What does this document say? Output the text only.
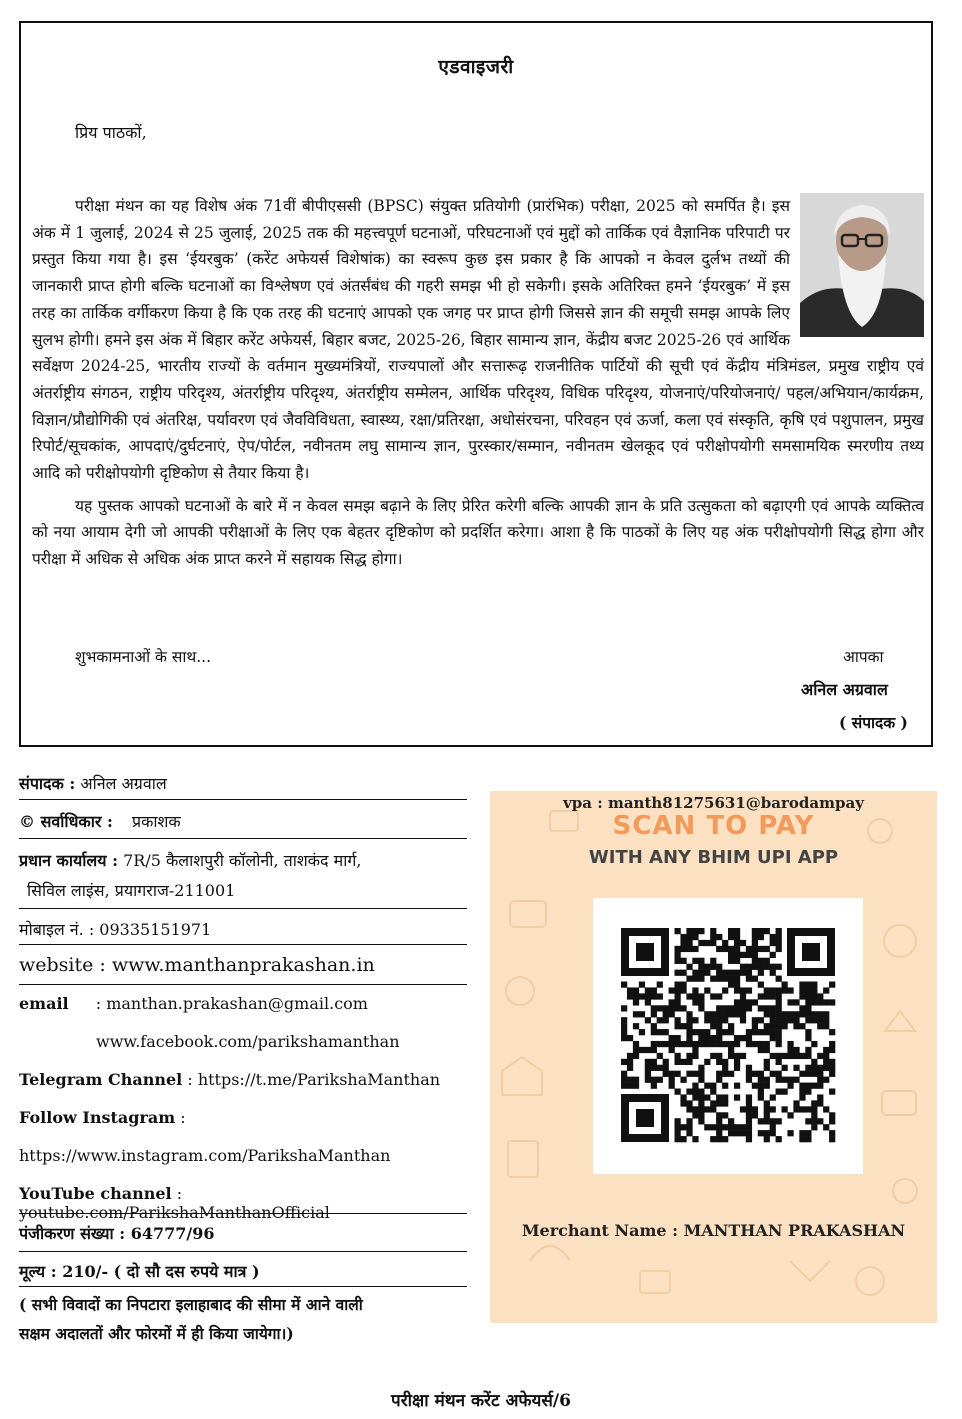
एडवाइजरी
प्रिय पाठकों,

परीक्षा मंथन का यह विशेष अंक 71वीं बीपीएससी (BPSC) संयुक्त प्रतियोगी (प्रारंभिक) परीक्षा, 2025 को समर्पित है। इस अंक में 1 जुलाई, 2024 से 25 जुलाई, 2025 तक की महत्त्वपूर्ण घटनाओं, परिघटनाओं एवं मुद्दों को तार्किक एवं वैज्ञानिक परिपाटी पर प्रस्तुत किया गया है। इस ‘ईयरबुक’ (करेंट अफेयर्स विशेषांक) का स्वरूप कुछ इस प्रकार है कि आपको न केवल दुर्लभ तथ्यों की जानकारी प्राप्त होगी बल्कि घटनाओं का विश्लेषण एवं अंतर्संबंध की गहरी समझ भी हो सकेगी। इसके अतिरिक्त हमने ‘ईयरबुक’ में इस तरह का तार्किक वर्गीकरण किया है कि एक तरह की घटनाएं आपको एक जगह पर प्राप्त होगी जिससे ज्ञान की समूची समझ आपके लिए सुलभ होगी। हमने इस अंक में बिहार करेंट अफेयर्स, बिहार बजट, 2025-26, बिहार सामान्य ज्ञान, केंद्रीय बजट 2025-26 एवं आर्थिक सर्वेक्षण 2024-25, भारतीय राज्यों के वर्तमान मुख्यमंत्रियों, राज्यपालों और सत्तारूढ़ राजनीतिक पार्टियों की सूची एवं केंद्रीय मंत्रिमंडल, प्रमुख राष्ट्रीय एवं अंतर्राष्ट्रीय संगठन, राष्ट्रीय परिदृश्य, अंतर्राष्ट्रीय परिदृश्य, अंतर्राष्ट्रीय सम्मेलन, आर्थिक परिदृश्य, विधिक परिदृश्य, योजनाएं/परियोजनाएं/ पहल/अभियान/कार्यक्रम, विज्ञान/प्रौद्योगिकी एवं अंतरिक्ष, पर्यावरण एवं जैवविविधता, स्वास्थ्य, रक्षा/प्रतिरक्षा, अधोसंरचना, परिवहन एवं ऊर्जा, कला एवं संस्कृति, कृषि एवं पशुपालन, प्रमुख रिपोर्ट/सूचकांक, आपदाएं/दुर्घटनाएं, ऐप/पोर्टल, नवीनतम लघु सामान्य ज्ञान, पुरस्कार/सम्मान, नवीनतम खेलकूद एवं परीक्षोपयोगी समसामयिक स्मरणीय तथ्य आदि को परीक्षोपयोगी दृष्टिकोण से तैयार किया है।

यह पुस्तक आपको घटनाओं के बारे में न केवल समझ बढ़ाने के लिए प्रेरित करेगी बल्कि आपकी ज्ञान के प्रति उत्सुकता को बढ़ाएगी एवं आपके व्यक्तित्व को नया आयाम देगी जो आपकी परीक्षाओं के लिए एक बेहतर दृष्टिकोण को प्रदर्शित करेगा। आशा है कि पाठकों के लिए यह अंक परीक्षोपयोगी सिद्ध होगा और परीक्षा में अधिक से अधिक अंक प्राप्त करने में सहायक सिद्ध होगा।

शुभकामनाओं के साथ...	आपका
अनिल अग्रवाल
( संपादक )
संपादक : अनिल अग्रवाल
© सर्वाधिकार : प्रकाशक
प्रधान कार्यालय : 7R/5 कैलाशपुरी कॉलोनी, ताशकंद मार्ग,
सिविल लाइंस, प्रयागराज-211001
मोबाइल नं. : 09335151971
website : www.manthanprakashan.in
email : manthan.prakashan@gmail.com
www.facebook.com/parikshamanthan
Telegram Channel : https://t.me/ParikshaManthan
Follow Instagram :
https://www.instagram.com/ParikshaManthan
YouTube channel : youtube.com/ParikshaManthanOfficial
पंजीकरण संख्या : 64777/96
मूल्य : 210/- ( दो सौ दस रुपये मात्र )
( सभी विवादों का निपटारा इलाहाबाद की सीमा में आने वाली
सक्षम अदालतों और फोरमों में ही किया जायेगा।)
SCAN TO PAY
WITH ANY BHIM UPI APP
Merchant Name : MANTHAN PRAKASHAN
vpa : manth81275631@barodampay
परीक्षा मंथन करेंट अफेयर्स/6
